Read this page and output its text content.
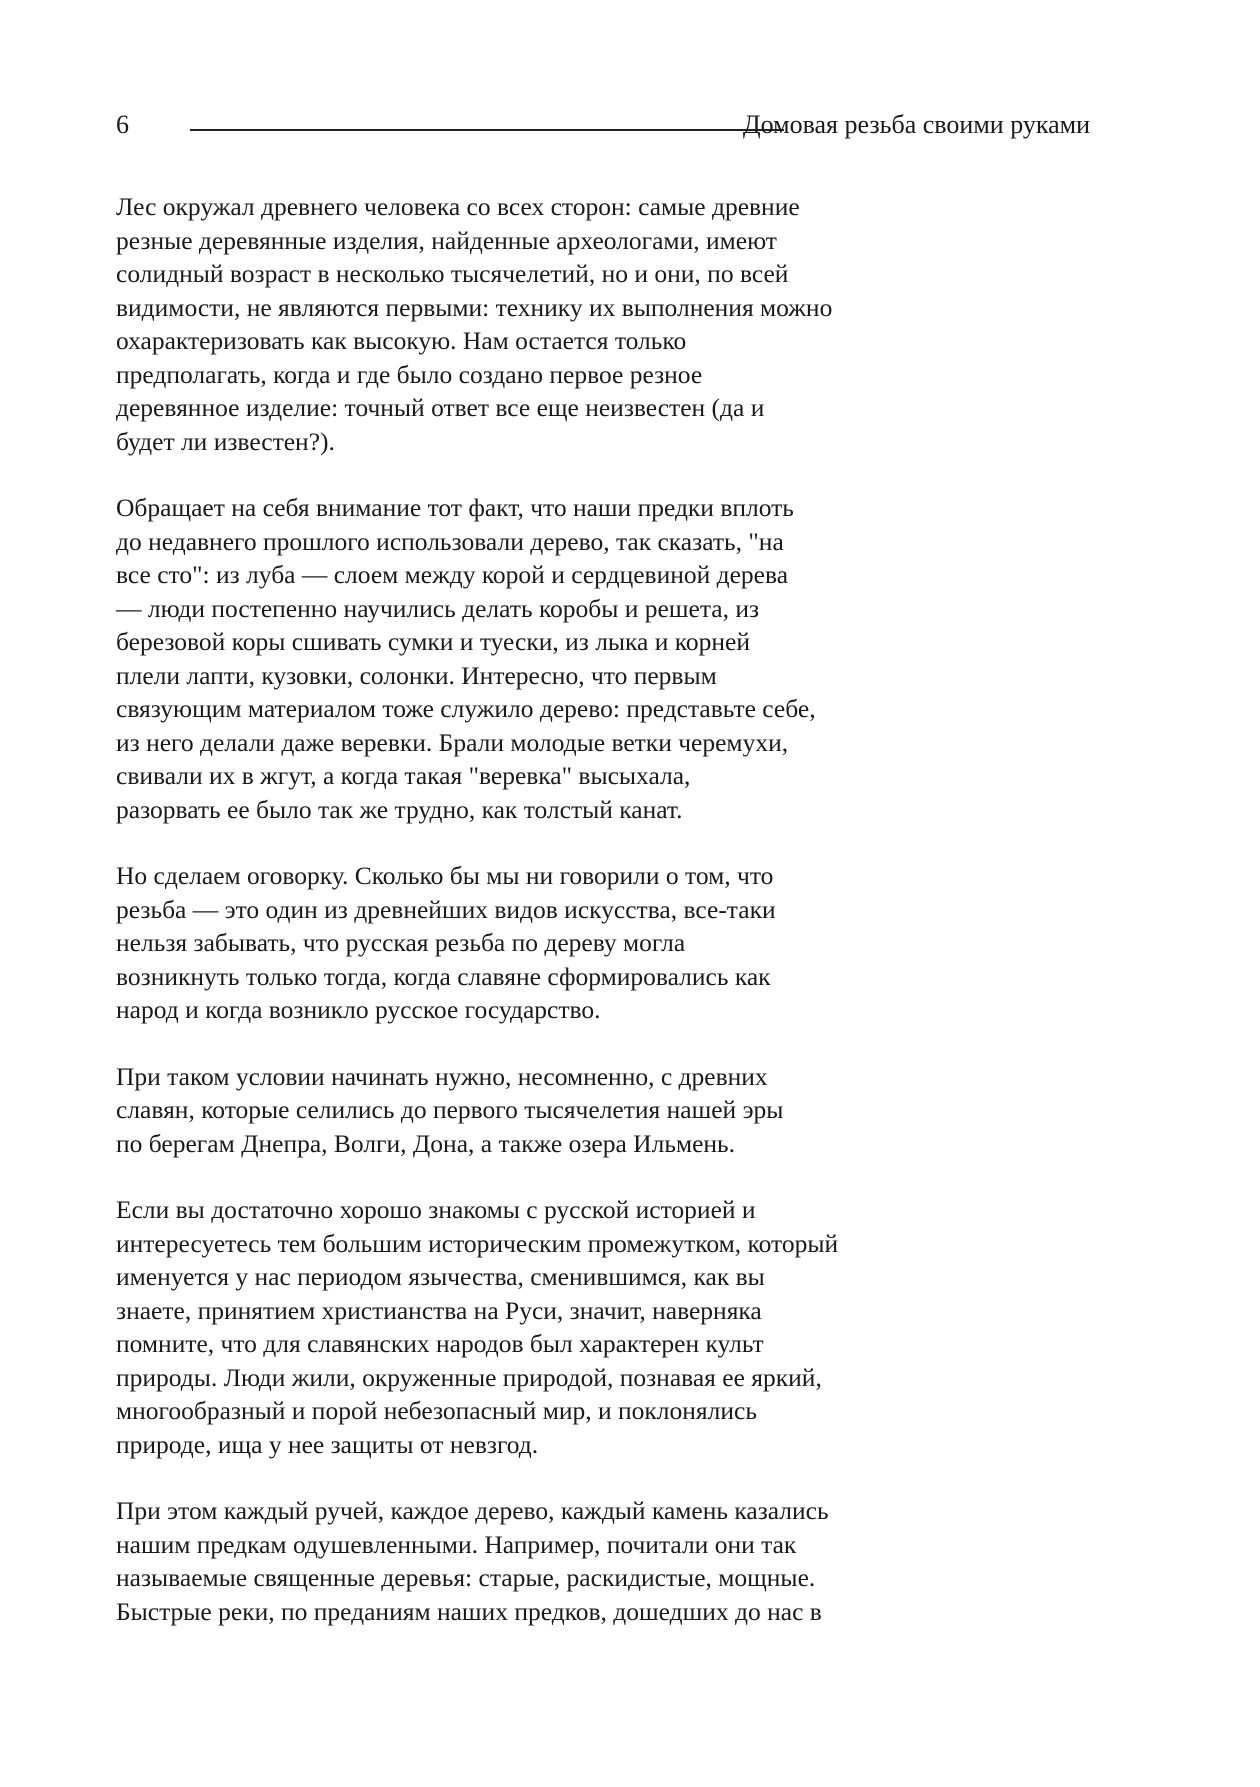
6	Домовая резьба своими руками

Лес окружал древнего человека со всех сторон: самые древние
резные деревянные изделия, найденные археологами, имеют
солидный возраст в несколько тысячелетий, но и они, по всей
видимости, не являются первыми: технику их выполнения можно
охарактеризовать как высокую. Нам остается только
предполагать, когда и где было создано первое резное
деревянное изделие: точный ответ все еще неизвестен (да и
будет ли известен?).

Обращает на себя внимание тот факт, что наши предки вплоть
до недавнего прошлого использовали дерево, так сказать, "на
все сто": из луба — слоем между корой и сердцевиной дерева
— люди постепенно научились делать коробы и решета, из
березовой коры сшивать сумки и туески, из лыка и корней
плели лапти, кузовки, солонки. Интересно, что первым
связующим материалом тоже служило дерево: представьте себе,
из него делали даже веревки. Брали молодые ветки черемухи,
свивали их в жгут, а когда такая "веревка" высыхала,
разорвать ее было так же трудно, как толстый канат.

Но сделаем оговорку. Сколько бы мы ни говорили о том, что
резьба — это один из древнейших видов искусства, все-таки
нельзя забывать, что русская резьба по дереву могла
возникнуть только тогда, когда славяне сформировались как
народ и когда возникло русское государство.

При таком условии начинать нужно, несомненно, с древних
славян, которые селились до первого тысячелетия нашей эры
по берегам Днепра, Волги, Дона, а также озера Ильмень.

Если вы достаточно хорошо знакомы с русской историей и
интересуетесь тем большим историческим промежутком, который
именуется у нас периодом язычества, сменившимся, как вы
знаете, принятием христианства на Руси, значит, наверняка
помните, что для славянских народов был характерен культ
природы. Люди жили, окруженные природой, познавая ее яркий,
многообразный и порой небезопасный мир, и поклонялись
природе, ища у нее защиты от невзгод.

При этом каждый ручей, каждое дерево, каждый камень казались
нашим предкам одушевленными. Например, почитали они так
называемые священные деревья: старые, раскидистые, мощные.
Быстрые реки, по преданиям наших предков, дошедших до нас в
